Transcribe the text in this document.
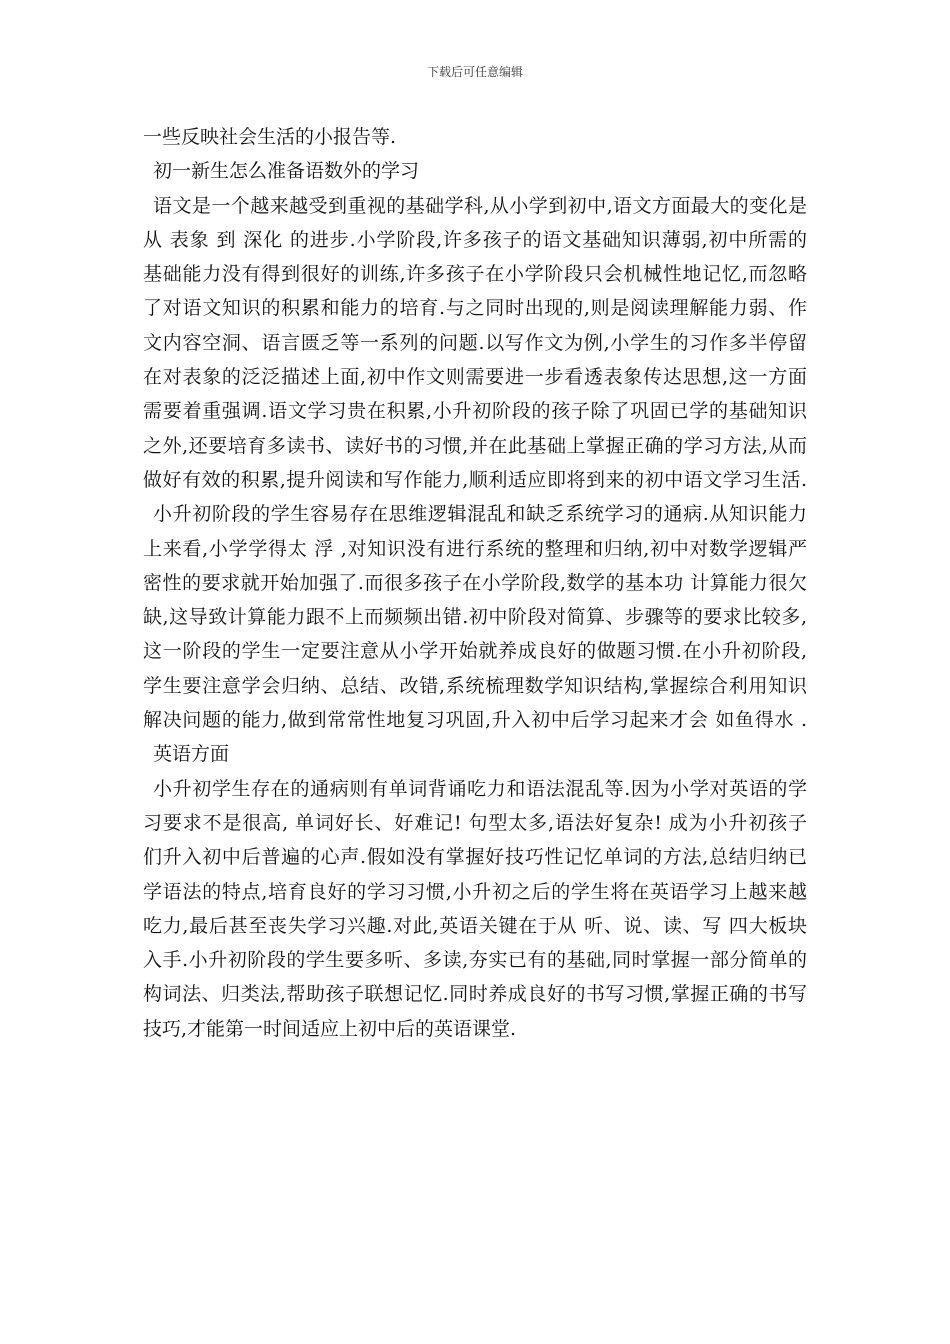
下载后可任意编辑
一些反映社会生活的小报告等.
初一新生怎么准备语数外的学习
语文是一个越来越受到重视的基础学科,从小学到初中,语文方面最大的变化是
从 表象 到 深化 的进步.小学阶段,许多孩子的语文基础知识薄弱,初中所需的
基础能力没有得到很好的训练,许多孩子在小学阶段只会机械性地记忆,而忽略
了对语文知识的积累和能力的培育.与之同时出现的,则是阅读理解能力弱、作
文内容空洞、语言匮乏等一系列的问题.以写作文为例,小学生的习作多半停留
在对表象的泛泛描述上面,初中作文则需要进一步看透表象传达思想,这一方面
需要着重强调.语文学习贵在积累,小升初阶段的孩子除了巩固已学的基础知识
之外,还要培育多读书、读好书的习惯,并在此基础上掌握正确的学习方法,从而
做好有效的积累,提升阅读和写作能力,顺利适应即将到来的初中语文学习生活.
小升初阶段的学生容易存在思维逻辑混乱和缺乏系统学习的通病.从知识能力
上来看,小学学得太 浮 ,对知识没有进行系统的整理和归纳,初中对数学逻辑严
密性的要求就开始加强了.而很多孩子在小学阶段,数学的基本功 计算能力很欠
缺,这导致计算能力跟不上而频频出错.初中阶段对简算、步骤等的要求比较多,
这一阶段的学生一定要注意从小学开始就养成良好的做题习惯.在小升初阶段,
学生要注意学会归纳、总结、改错,系统梳理数学知识结构,掌握综合利用知识
解决问题的能力,做到常常性地复习巩固,升入初中后学习起来才会 如鱼得水 .
英语方面
小升初学生存在的通病则有单词背诵吃力和语法混乱等.因为小学对英语的学
习要求不是很高, 单词好长、好难记! 句型太多,语法好复杂! 成为小升初孩子
们升入初中后普遍的心声.假如没有掌握好技巧性记忆单词的方法,总结归纳已
学语法的特点,培育良好的学习习惯,小升初之后的学生将在英语学习上越来越
吃力,最后甚至丧失学习兴趣.对此,英语关键在于从 听、说、读、写 四大板块
入手.小升初阶段的学生要多听、多读,夯实已有的基础,同时掌握一部分简单的
构词法、归类法,帮助孩子联想记忆.同时养成良好的书写习惯,掌握正确的书写
技巧,才能第一时间适应上初中后的英语课堂.
